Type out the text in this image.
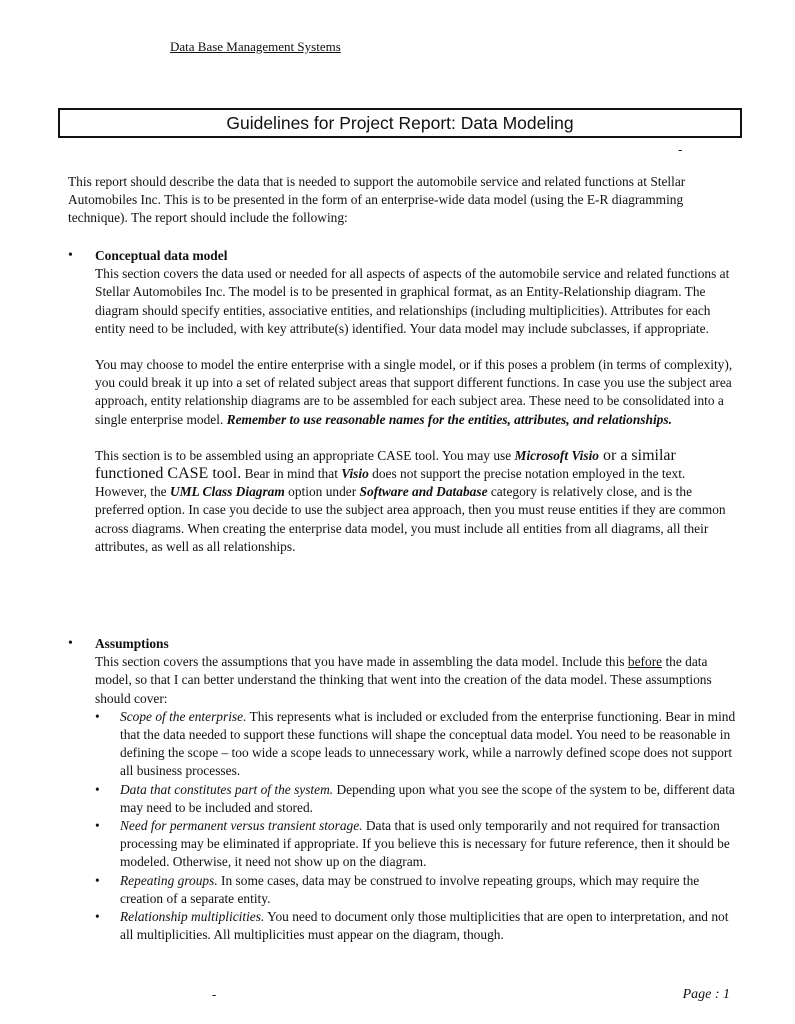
Data Base Management Systems
Guidelines for Project Report: Data Modeling
-

This report should describe the data that is needed to support the automobile service and related functions at Stellar Automobiles Inc. This is to be presented in the form of an enterprise-wide data model (using the E-R diagramming technique). The report should include the following:

• Conceptual data model

This section covers the data used or needed for all aspects of aspects of the automobile service and related functions at Stellar Automobiles Inc. The model is to be presented in graphical format, as an Entity-Relationship diagram. The diagram should specify entities, associative entities, and relationships (including multiplicities). Attributes for each entity need to be included, with key attribute(s) identified. Your data model may include subclasses, if appropriate.

You may choose to model the entire enterprise with a single model, or if this poses a problem (in terms of complexity), you could break it up into a set of related subject areas that support different functions. In case you use the subject area approach, entity relationship diagrams are to be assembled for each subject area. These need to be consolidated into a single enterprise model. Remember to use reasonable names for the entities, attributes, and relationships.

This section is to be assembled using an appropriate CASE tool. You may use Microsoft Visio or a similar functioned CASE tool. Bear in mind that Visio does not support the precise notation employed in the text. However, the UML Class Diagram option under Software and Database category is relatively close, and is the preferred option. In case you decide to use the subject area approach, then you must reuse entities if they are common across diagrams. When creating the enterprise data model, you must include all entities from all diagrams, all their attributes, as well as all relationships.

• Assumptions

This section covers the assumptions that you have made in assembling the data model. Include this before the data model, so that I can better understand the thinking that went into the creation of the data model. These assumptions should cover:

• Scope of the enterprise. This represents what is included or excluded from the enterprise functioning. Bear in mind that the data needed to support these functions will shape the conceptual data model. You need to be reasonable in defining the scope – too wide a scope leads to unnecessary work, while a narrowly defined scope does not support all business processes.
• Data that constitutes part of the system. Depending upon what you see the scope of the system to be, different data may need to be included and stored.
• Need for permanent versus transient storage. Data that is used only temporarily and not required for transaction processing may be eliminated if appropriate. If you believe this is necessary for future reference, then it should be modeled. Otherwise, it need not show up on the diagram.
• Repeating groups. In some cases, data may be construed to involve repeating groups, which may require the creation of a separate entity.
• Relationship multiplicities. You need to document only those multiplicities that are open to interpretation, and not all multiplicities. All multiplicities must appear on the diagram, though.
-	Page : 1
